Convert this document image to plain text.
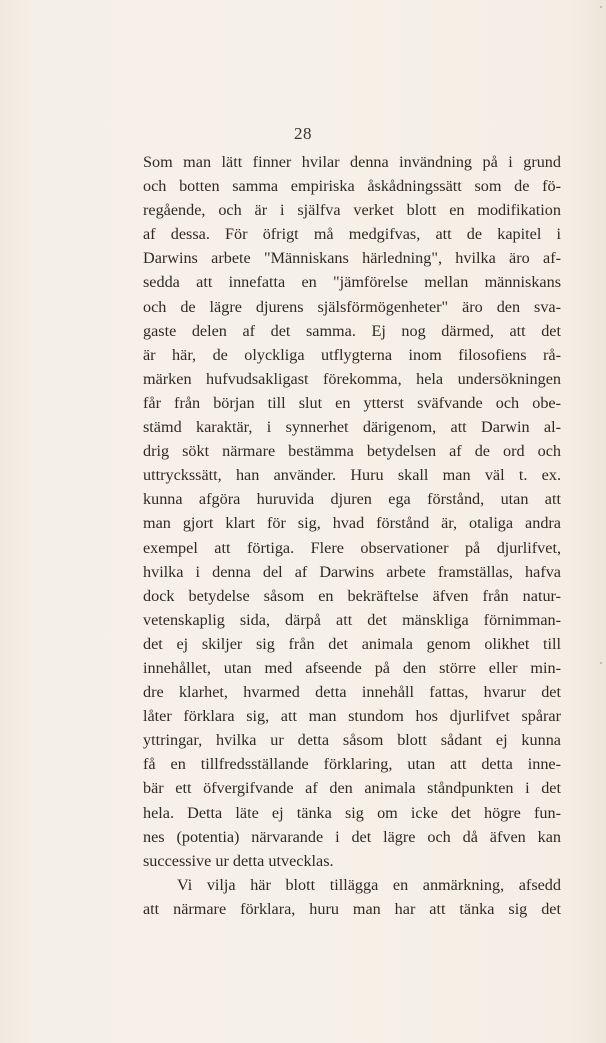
28
Som man lätt finner hvilar denna invändning på i grund
och botten samma empiriska åskådningssätt som de fö-
regående, och är i själfva verket blott en modifikation
af dessa. För öfrigt må medgifvas, att de kapitel i
Darwins arbete "Människans härledning", hvilka äro af-
sedda att innefatta en "jämförelse mellan människans
och de lägre djurens själsförmögenheter" äro den sva-
gaste delen af det samma. Ej nog därmed, att det
är här, de olyckliga utflygterna inom filosofiens rå-
märken hufvudsakligast förekomma, hela undersökningen
får från början till slut en ytterst sväfvande och obe-
stämd karaktär, i synnerhet därigenom, att Darwin al-
drig sökt närmare bestämma betydelsen af de ord och
uttryckssätt, han använder. Huru skall man väl t. ex.
kunna afgöra huruvida djuren ega förstånd, utan att
man gjort klart för sig, hvad förstånd är, otaliga andra
exempel att förtiga. Flere observationer på djurlifvet,
hvilka i denna del af Darwins arbete framställas, hafva
dock betydelse såsom en bekräftelse äfven från natur-
vetenskaplig sida, därpå att det mänskliga förnimman-
det ej skiljer sig från det animala genom olikhet till
innehållet, utan med afseende på den större eller min-
dre klarhet, hvarmed detta innehåll fattas, hvarur det
låter förklara sig, att man stundom hos djurlifvet spårar
yttringar, hvilka ur detta såsom blott sådant ej kunna
få en tillfredsställande förklaring, utan att detta inne-
bär ett öfvergifvande af den animala ståndpunkten i det
hela. Detta läte ej tänka sig om icke det högre fun-
nes (potentia) närvarande i det lägre och då äfven kan
successive ur detta utvecklas.
Vi vilja här blott tillägga en anmärkning, afsedd
att närmare förklara, huru man har att tänka sig det
